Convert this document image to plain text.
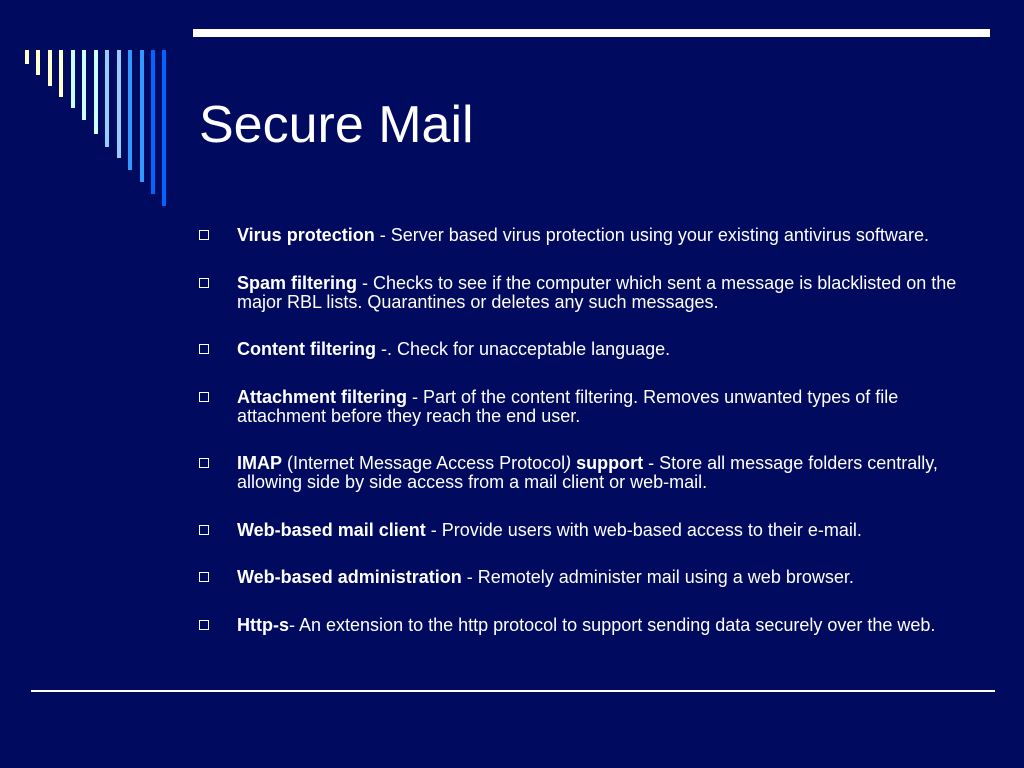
Secure Mail
Virus protection - Server based virus protection using your existing antivirus software.
Spam filtering - Checks to see if the computer which sent a message is blacklisted on the major RBL lists. Quarantines or deletes any such messages.
Content filtering -. Check for unacceptable language.
Attachment filtering - Part of the content filtering. Removes unwanted types of file attachment before they reach the end user.
IMAP (Internet Message Access Protocol) support - Store all message folders centrally, allowing side by side access from a mail client or web-mail.
Web-based mail client - Provide users with web-based access to their e-mail.
Web-based administration - Remotely administer mail using a web browser.
Http-s- An extension to the http protocol to support sending data securely over the web.
